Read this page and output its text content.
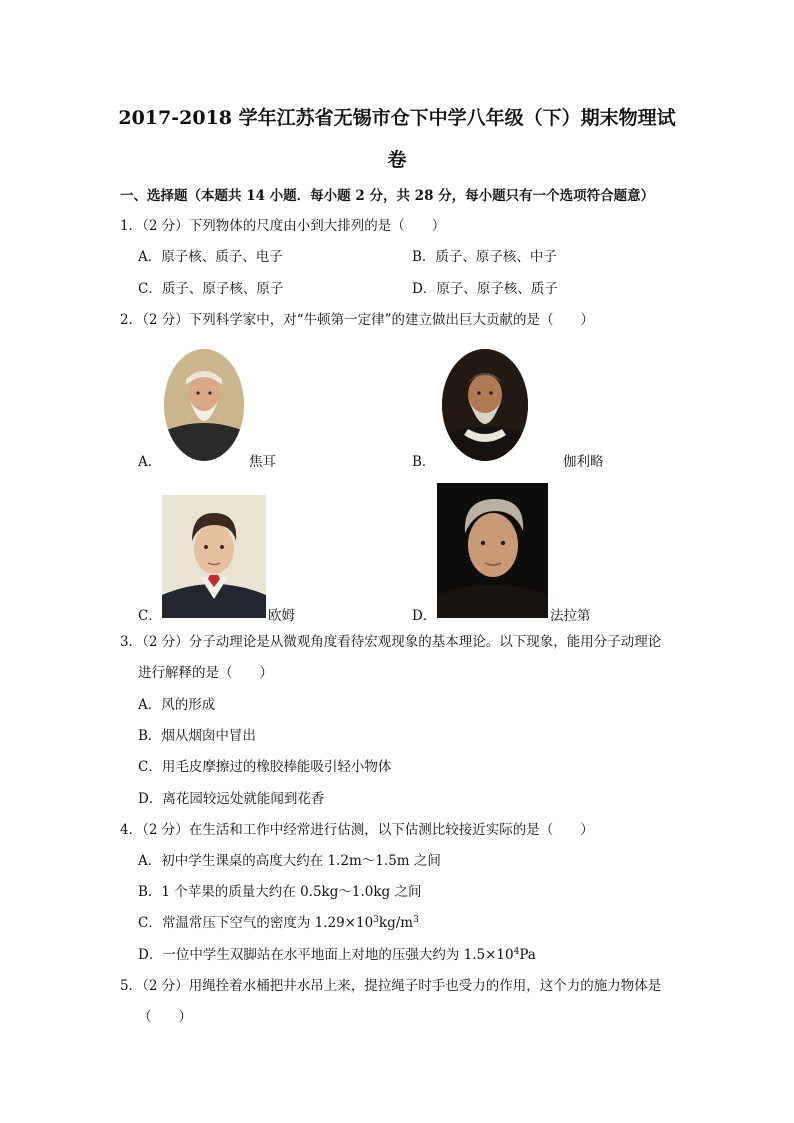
2017-2018 学年江苏省无锡市仓下中学八年级（下）期末物理试
卷
一、选择题（本题共 14 小题．每小题 2 分，共 28 分，每小题只有一个选项符合题意）
1．（2 分）下列物体的尺度由小到大排列的是（　　）
A．原子核、质子、电子	B．质子、原子核、中子
C．质子、原子核、原子	D．原子、原子核、质子
2．（2 分）下列科学家中，对“牛顿第一定律”的建立做出巨大贡献的是（　　）
A．	焦耳	B．	伽利略
C．	欧姆	D．	法拉第
3．（2 分）分子动理论是从微观角度看待宏观现象的基本理论。以下现象，能用分子动理论
进行解释的是（　　）
A．风的形成
B．烟从烟囱中冒出
C．用毛皮摩擦过的橡胶棒能吸引轻小物体
D．离花园较远处就能闻到花香
4．（2 分）在生活和工作中经常进行估测，以下估测比较接近实际的是（　　）
A．初中学生课桌的高度大约在 1.2m～1.5m 之间
B．1 个苹果的质量大约在 0.5kg～1.0kg 之间
C．常温常压下空气的密度为 $1.29\times 10^3kg/m^3$
D．一位中学生双脚站在水平地面上对地的压强大约为 $1.5\times 10^4Pa$
5．（2 分）用绳拴着水桶把井水吊上来，提拉绳子时手也受力的作用，这个力的施力物体是
（　　）
